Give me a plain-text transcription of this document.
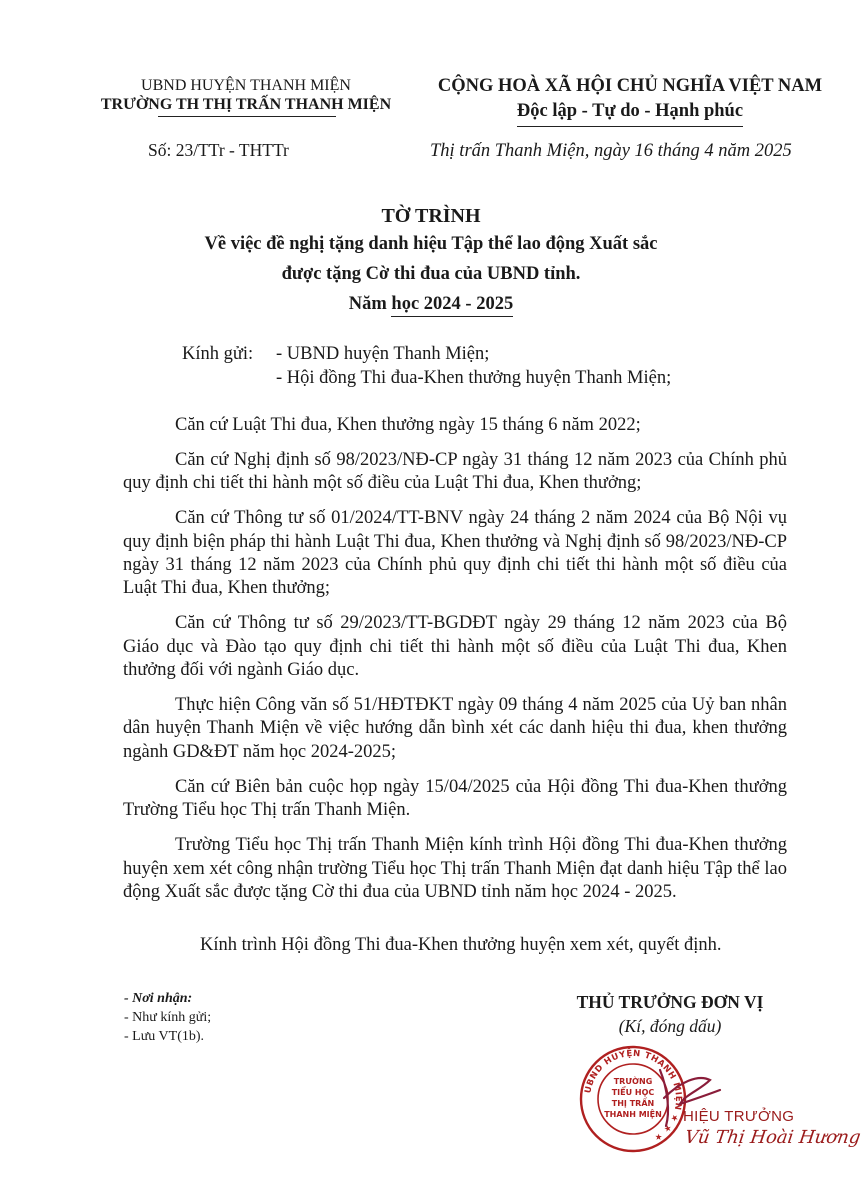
UBND HUYỆN THANH MIỆN
TRƯỜNG TH THỊ TRẤN THANH MIỆN
CỘNG HOÀ XÃ HỘI CHỦ NGHĨA VIỆT NAM
Độc lập - Tự do - Hạnh phúc
Số: 23/TTr - THTTr	Thị trấn Thanh Miện, ngày 16 tháng 4 năm 2025
TỜ TRÌNH
Về việc đề nghị tặng danh hiệu Tập thể lao động Xuất sắc
được tặng Cờ thi đua của UBND tỉnh.
Năm học 2024 - 2025
Kính gửi: - UBND huyện Thanh Miện;
- Hội đồng Thi đua-Khen thưởng huyện Thanh Miện;

Căn cứ Luật Thi đua, Khen thưởng ngày 15 tháng 6 năm 2022;

Căn cứ Nghị định số 98/2023/NĐ-CP ngày 31 tháng 12 năm 2023 của Chính phủ quy định chi tiết thi hành một số điều của Luật Thi đua, Khen thưởng;

Căn cứ Thông tư số 01/2024/TT-BNV ngày 24 tháng 2 năm 2024 của Bộ Nội vụ quy định biện pháp thi hành Luật Thi đua, Khen thưởng và Nghị định số 98/2023/NĐ-CP ngày 31 tháng 12 năm 2023 của Chính phủ quy định chi tiết thi hành một số điều của Luật Thi đua, Khen thưởng;

Căn cứ Thông tư số 29/2023/TT-BGDĐT ngày 29 tháng 12 năm 2023 của Bộ Giáo dục và Đào tạo quy định chi tiết thi hành một số điều của Luật Thi đua, Khen thưởng đối với ngành Giáo dục.

Thực hiện Công văn số 51/HĐTĐKT ngày 09 tháng 4 năm 2025 của Uỷ ban nhân dân huyện Thanh Miện về việc hướng dẫn bình xét các danh hiệu thi đua, khen thưởng ngành GD&ĐT năm học 2024-2025;

Căn cứ Biên bản cuộc họp ngày 15/04/2025 của Hội đồng Thi đua-Khen thưởng Trường Tiểu học Thị trấn Thanh Miện.

Trường Tiểu học Thị trấn Thanh Miện kính trình Hội đồng Thi đua-Khen thưởng huyện xem xét công nhận trường Tiểu học Thị trấn Thanh Miện đạt danh hiệu Tập thể lao động Xuất sắc được tặng Cờ thi đua của UBND tỉnh năm học 2024 - 2025.

Kính trình Hội đồng Thi đua-Khen thưởng huyện xem xét, quyết định.
- Nơi nhận:
- Như kính gửi;
- Lưu VT(1b).
THỦ TRƯỞNG ĐƠN VỊ
(Kí, đóng dấu)
UBND HUYỆN THANH MIỆN ★ ★ ★
TRƯỜNG
TIỂU HỌC
THỊ TRẤN
THANH MIỆN HIỆU TRƯỞNG
Vũ Thị Hoài Hương
